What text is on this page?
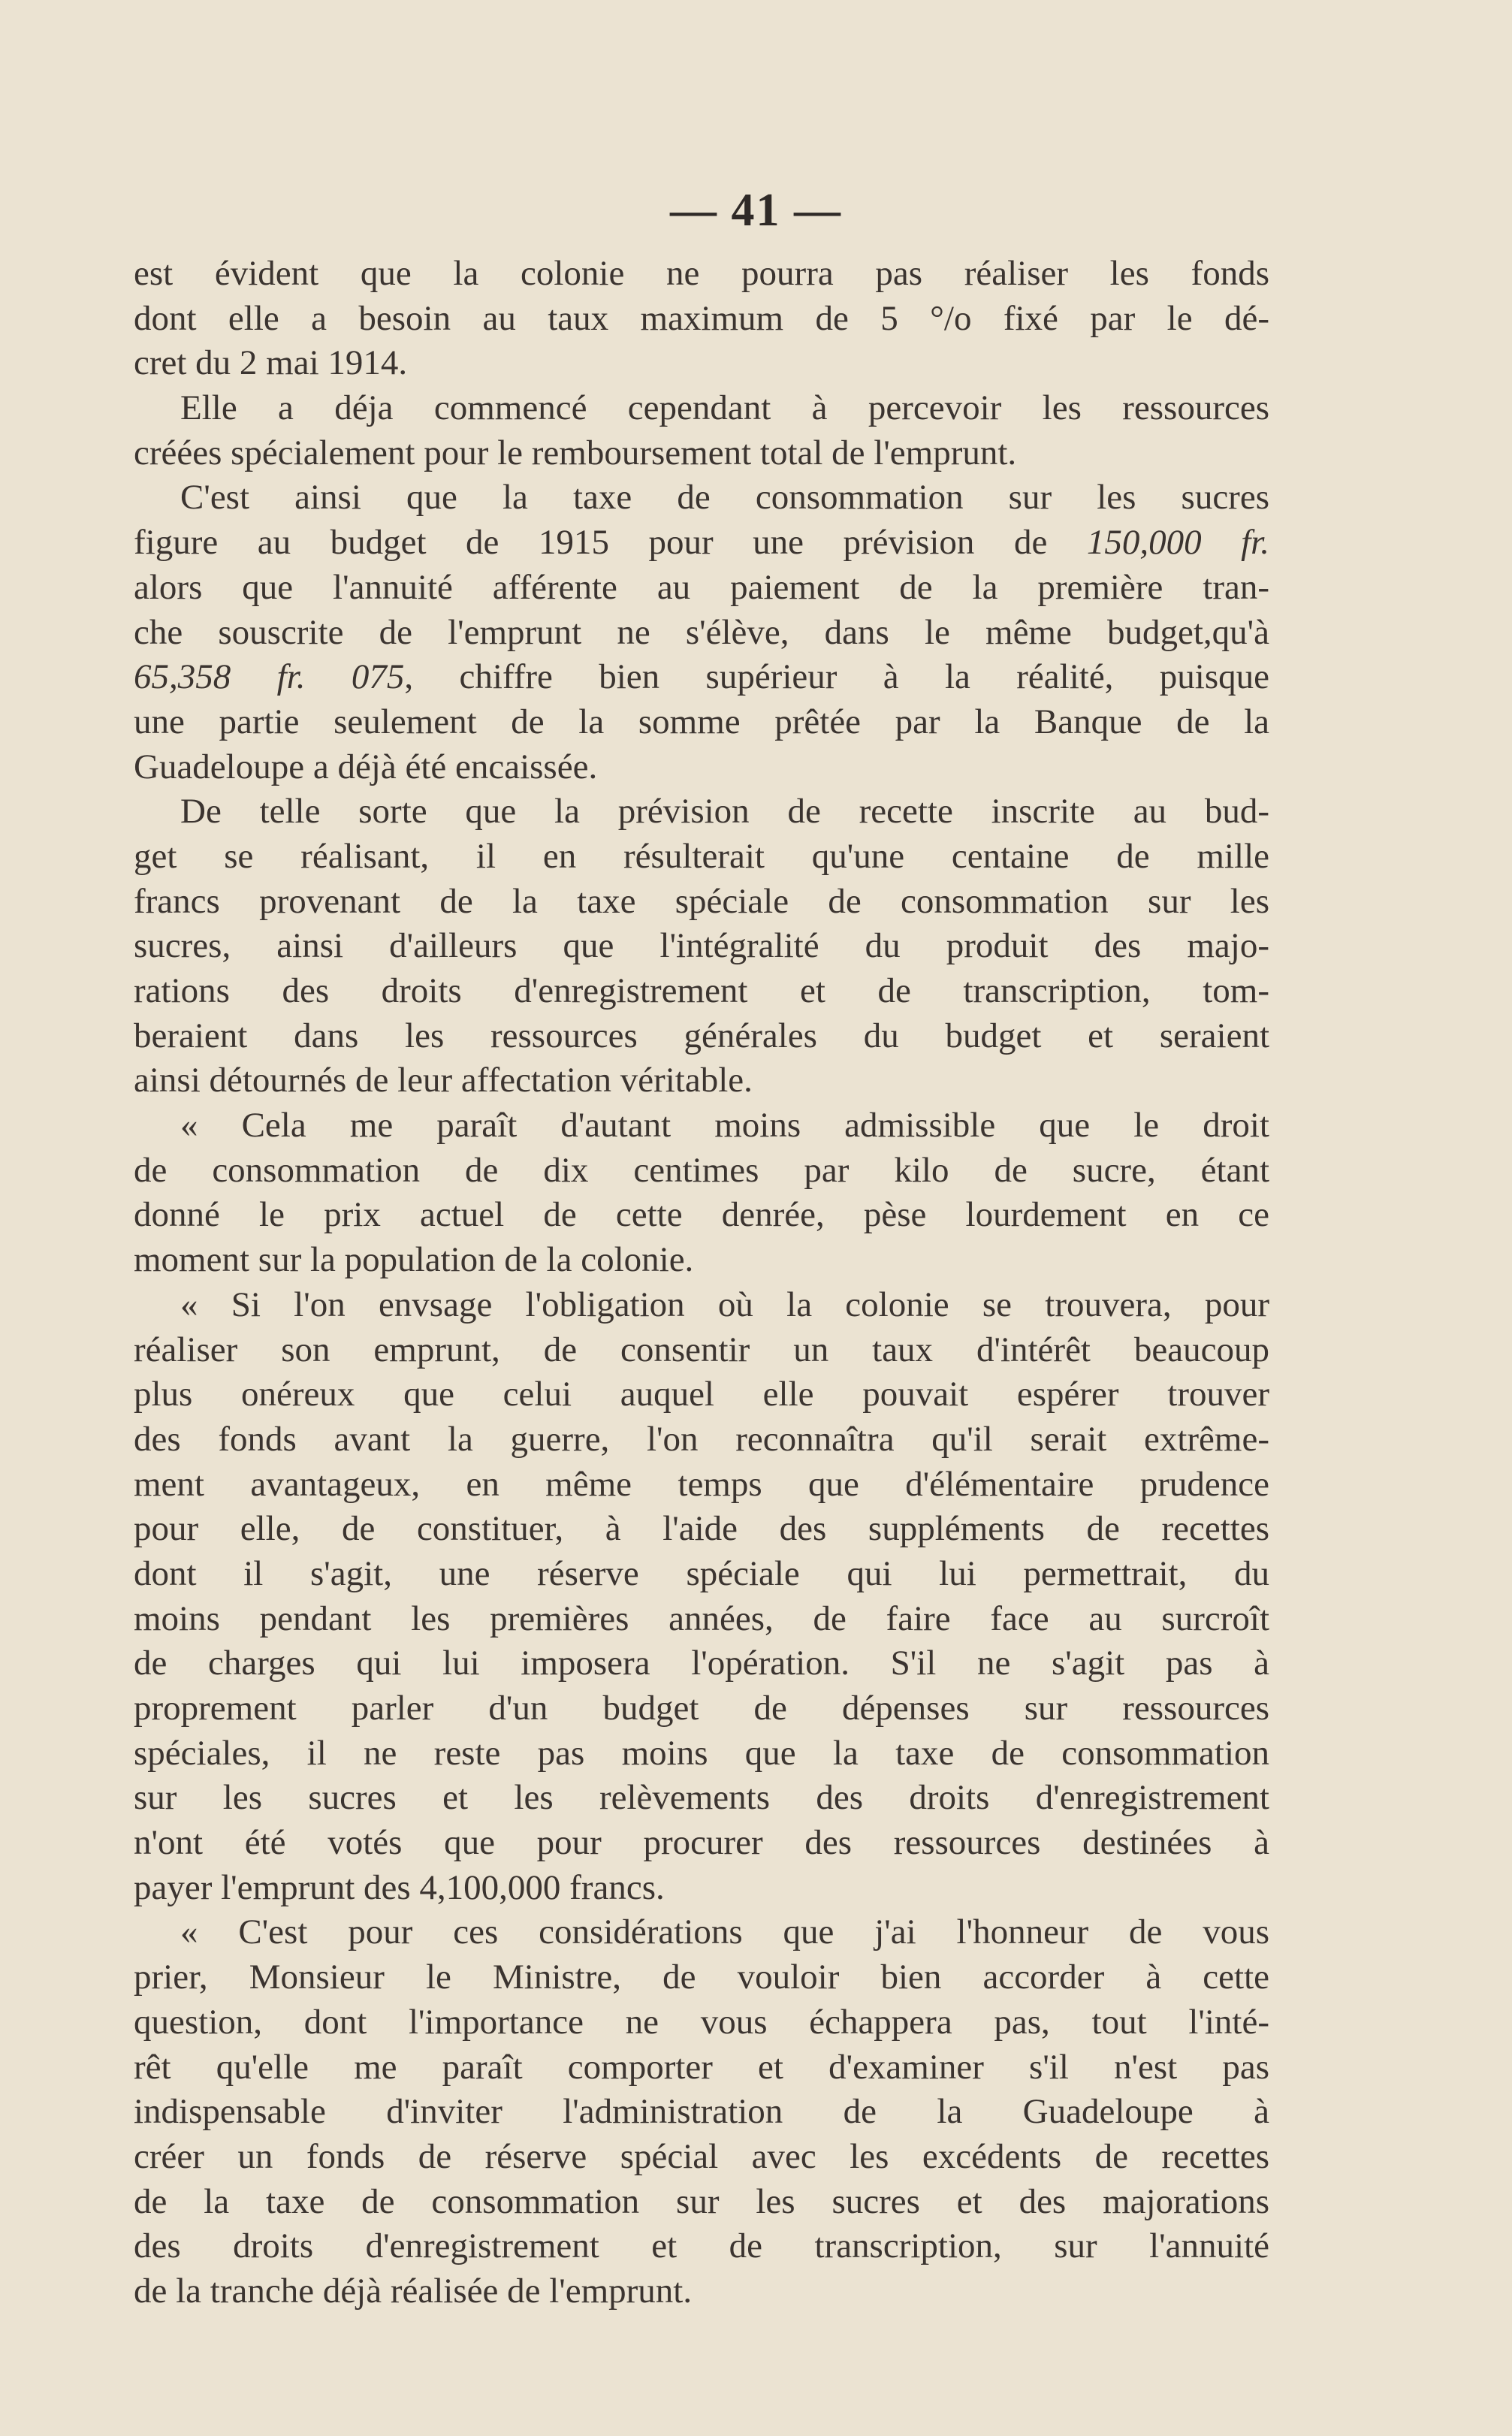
— 41 —
est évident que la colonie ne pourra pas réaliser les fonds
dont elle a besoin au taux maximum de 5 °/o fixé par le dé-
cret du 2 mai 1914.
Elle a déja commencé cependant à percevoir les ressources
créées spécialement pour le remboursement total de l'emprunt.
C'est ainsi que la taxe de consommation sur les sucres
figure au budget de 1915 pour une prévision de 150,000 fr.
alors que l'annuité afférente au paiement de la première tran-
che souscrite de l'emprunt ne s'élève, dans le même budget,qu'à
65,358 fr. 075, chiffre bien supérieur à la réalité, puisque
une partie seulement de la somme prêtée par la Banque de la
Guadeloupe a déjà été encaissée.
De telle sorte que la prévision de recette inscrite au bud-
get se réalisant, il en résulterait qu'une centaine de mille
francs provenant de la taxe spéciale de consommation sur les
sucres, ainsi d'ailleurs que l'intégralité du produit des majo-
rations des droits d'enregistrement et de transcription, tom-
beraient dans les ressources générales du budget et seraient
ainsi détournés de leur affectation véritable.
« Cela me paraît d'autant moins admissible que le droit
de consommation de dix centimes par kilo de sucre, étant
donné le prix actuel de cette denrée, pèse lourdement en ce
moment sur la population de la colonie.
« Si l'on envsage l'obligation où la colonie se trouvera, pour
réaliser son emprunt, de consentir un taux d'intérêt beaucoup
plus onéreux que celui auquel elle pouvait espérer trouver
des fonds avant la guerre, l'on reconnaîtra qu'il serait extrême-
ment avantageux, en même temps que d'élémentaire prudence
pour elle, de constituer, à l'aide des suppléments de recettes
dont il s'agit, une réserve spéciale qui lui permettrait, du
moins pendant les premières années, de faire face au surcroît
de charges qui lui imposera l'opération. S'il ne s'agit pas à
proprement parler d'un budget de dépenses sur ressources
spéciales, il ne reste pas moins que la taxe de consommation
sur les sucres et les relèvements des droits d'enregistrement
n'ont été votés que pour procurer des ressources destinées à
payer l'emprunt des 4,100,000 francs.
« C'est pour ces considérations que j'ai l'honneur de vous
prier, Monsieur le Ministre, de vouloir bien accorder à cette
question, dont l'importance ne vous échappera pas, tout l'inté-
rêt qu'elle me paraît comporter et d'examiner s'il n'est pas
indispensable d'inviter l'administration de la Guadeloupe à
créer un fonds de réserve spécial avec les excédents de recettes
de la taxe de consommation sur les sucres et des majorations
des droits d'enregistrement et de transcription, sur l'annuité
de la tranche déjà réalisée de l'emprunt.
